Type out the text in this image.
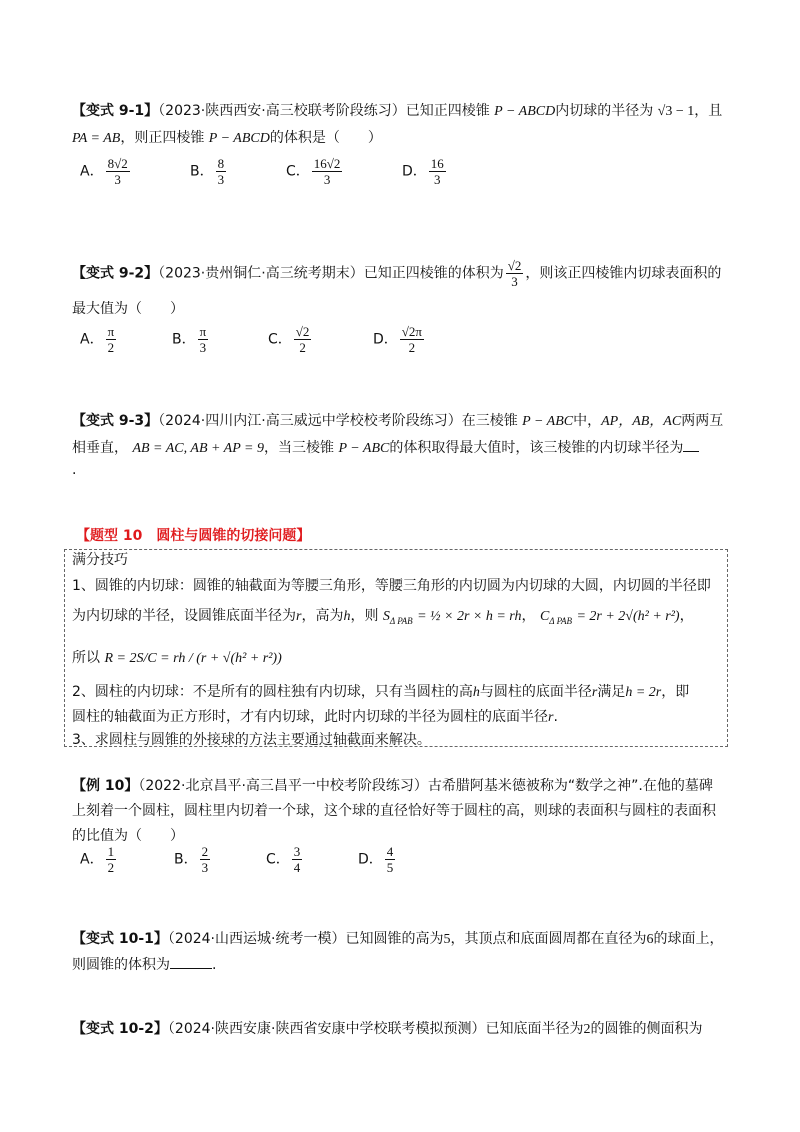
【变式 9-1】（2023·陕西西安·高三校联考阶段练习）已知正四棱锥 P − ABCD内切球的半径为 √3 − 1，且
PA = AB，则正四棱锥 P − ABCD的体积是（　　）
A． $\frac{8√2}{3}$	B． $\frac{8}{3}$	C． $\frac{16√2}{3}$	D． $\frac{16}{3}$
【变式 9-2】（2023·贵州铜仁·高三统考期末）已知正四棱锥的体积为 $\frac{√2}{3}$ ，则该正四棱锥内切球表面积的
最大值为（　　）
A． $\frac{\pi}{2}$	B． $\frac{\pi}{3}$	C． $\frac{√2}{2}$	D． $\frac{√2\pi}{2}$
【变式 9-3】（2024·四川内江·高三威远中学校校考阶段练习）在三棱锥 P − ABC中，AP，AB，AC两两互
相垂直， AB = AC, AB + AP = 9，当三棱锥 P − ABC的体积取得最大值时，该三棱锥的内切球半径为
.
【题型 10　圆柱与圆锥的切接问题】
满分技巧
1、圆锥的内切球：圆锥的轴截面为等腰三角形，等腰三角形的内切圆为内切球的大圆，内切圆的半径即
为内切球的半径，设圆锥底面半径为r，高为h，则 $S_{\Delta PAB}$ = ½ × 2r × h = rh， $C_{\Delta PAB} = 2r + 2√(h^2 + r^2)$，
所以 R = 2S/C = rh / (r + √(h² + r²))
2、圆柱的内切球：不是所有的圆柱独有内切球，只有当圆柱的高h与圆柱的底面半径r满足h = 2r，即
圆柱的轴截面为正方形时，才有内切球，此时内切球的半径为圆柱的底面半径r.
3、求圆柱与圆锥的外接球的方法主要通过轴截面来解决。
【例 10】（2022·北京昌平·高三昌平一中校考阶段练习）古希腊阿基米德被称为“数学之神”.在他的墓碑
上刻着一个圆柱，圆柱里内切着一个球，这个球的直径恰好等于圆柱的高，则球的表面积与圆柱的表面积
的比值为（　　）
A． $\frac{1}{2}$	B． $\frac{2}{3}$	C． $\frac{3}{4}$	D． $\frac{4}{5}$
【变式 10-1】（2024·山西运城·统考一模）已知圆锥的高为5，其顶点和底面圆周都在直径为6的球面上，
则圆锥的体积为	.
【变式 10-2】（2024·陕西安康·陕西省安康中学校联考模拟预测）已知底面半径为2的圆锥的侧面积为
